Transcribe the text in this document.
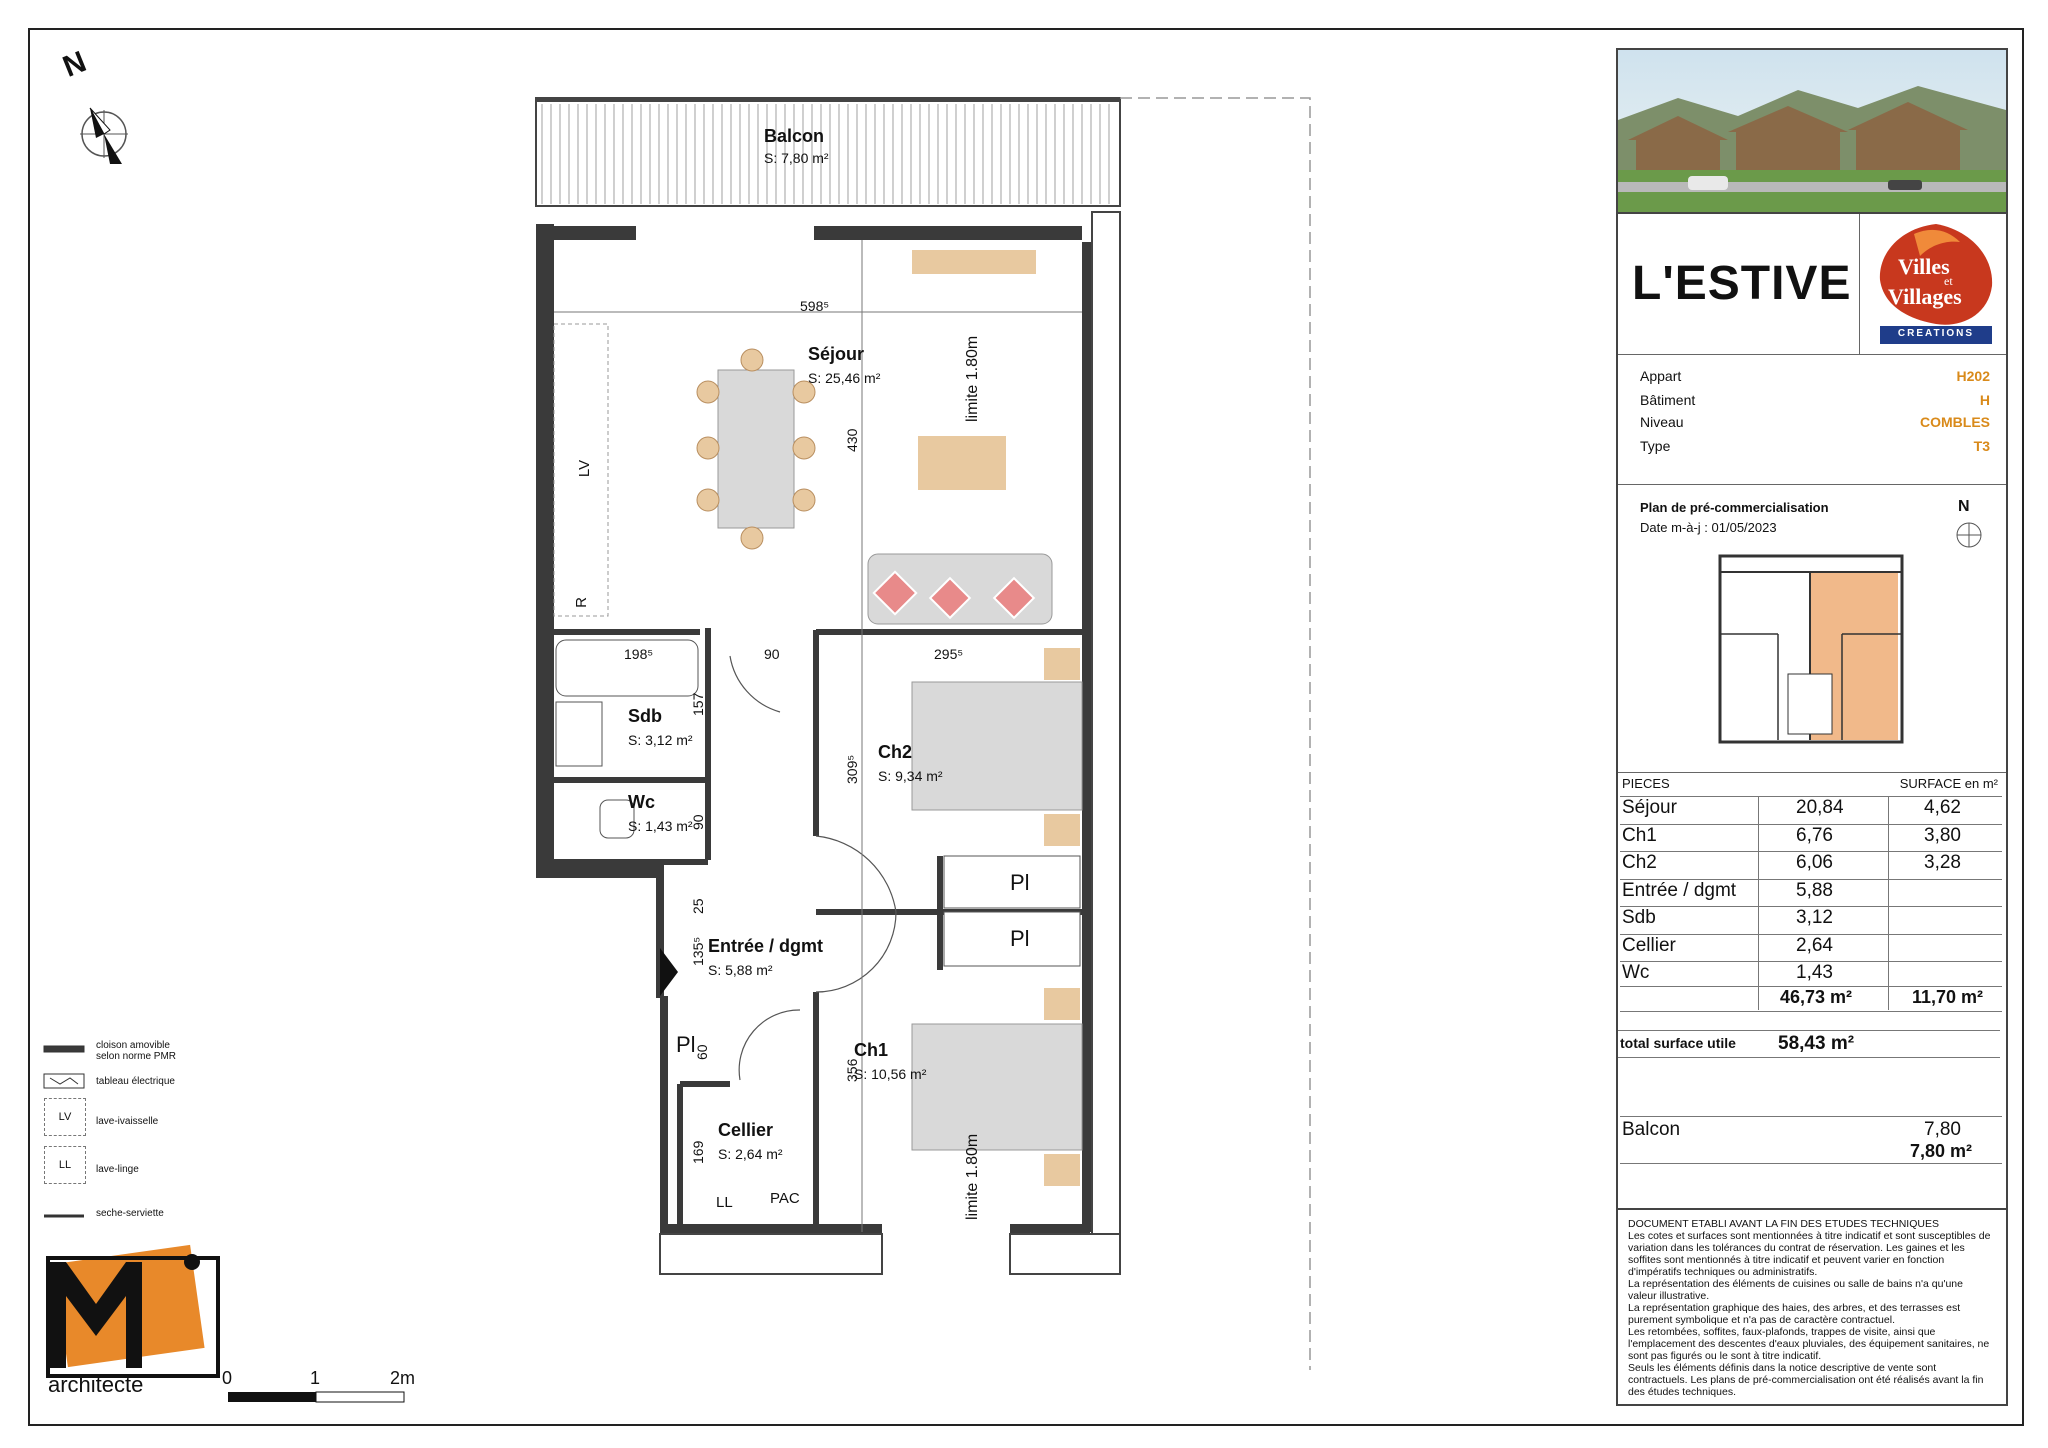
Balcon
S: 7,80 m²
Séjour
S: 25,46 m²
Sdb
S: 3,12 m²
Wc
S: 1,43 m²
Ch2
S: 9,34 m²
Entrée / dgmt
S: 5,88 m²
Ch1
S: 10,56 m²
Cellier
S: 2,64 m²
598⁵
430
198⁵	90	295⁵
157
309⁵
90
25
135⁵
60
356
169
limite 1.80m
limite 1.80m
LV
R
Pl
Pl
Pl
LL PAC
N
cloison amovible
selon norme PMR
tableau électrique
LV	lave-ivaisselle
LL	lave-linge
seche-serviette
architecte	0	1	2m
L'ESTIVE Villes
et
Villages
CREATIONS
Appart	H202
Bâtiment	H
Niveau	COMBLES
Type	T3
Plan de pré-commercialisation
Date m-à-j : 01/05/2023
N
PIECES	SURFACE en m²
Séjour	20,84	4,62
Ch1	6,76	3,80
Ch2	6,06	3,28
Entrée / dgmt	5,88
Sdb	3,12
Cellier	2,64
Wc	1,43
46,73 m²	11,70 m²
total surface utile 58,43 m²
Balcon	7,80
7,80 m²
DOCUMENT ETABLI AVANT LA FIN DES ETUDES TECHNIQUES
Les cotes et surfaces sont mentionnées à titre indicatif et sont susceptibles de
variation dans les tolérances du contrat de réservation. Les gaines et les
soffites sont mentionnés à titre indicatif et peuvent varier en fonction
d'impératifs techniques ou administratifs.
La représentation des éléments de cuisines ou salle de bains n'a qu'une
valeur illustrative.
La représentation graphique des haies, des arbres, et des terrasses est
purement symbolique et n'a pas de caractère contractuel.
Les retombées, soffites, faux-plafonds, trappes de visite, ainsi que
l'emplacement des descentes d'eaux pluviales, des équipement sanitaires, ne
sont pas figurés ou le sont à titre indicatif.
Seuls les éléments définis dans la notice descriptive de vente sont
contractuels. Les plans de pré-commercialisation ont été réalisés avant la fin
des études techniques.
